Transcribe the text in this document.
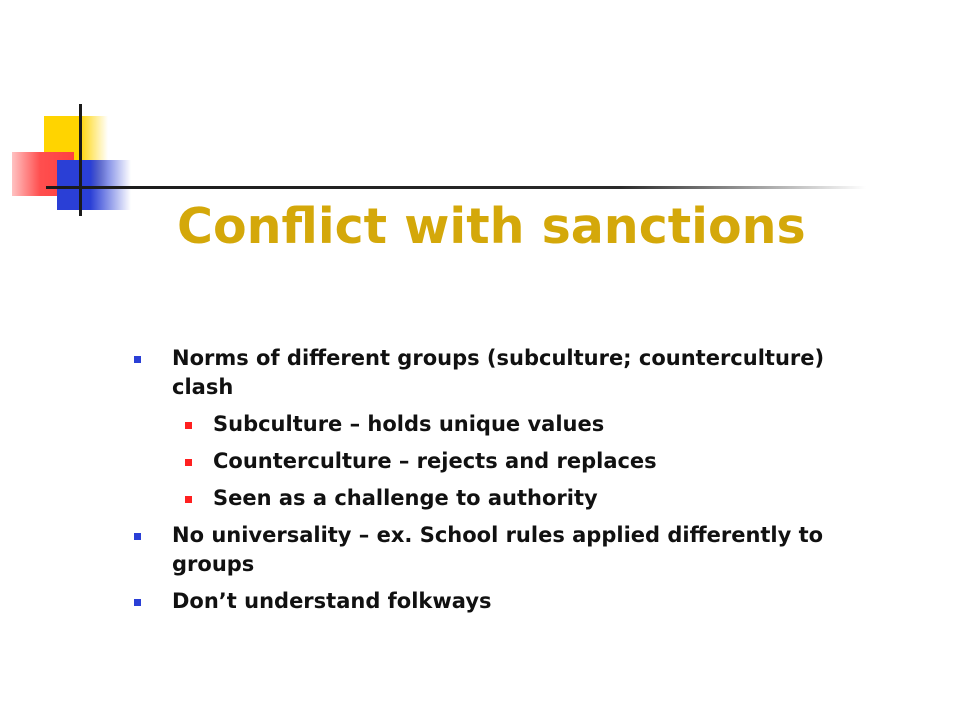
Conflict with sanctions
Norms of different groups (subculture; counterculture) clash
Subculture – holds unique values
Counterculture – rejects and replaces
Seen as a challenge to authority
No universality – ex. School rules applied differently to groups
Don’t understand folkways
